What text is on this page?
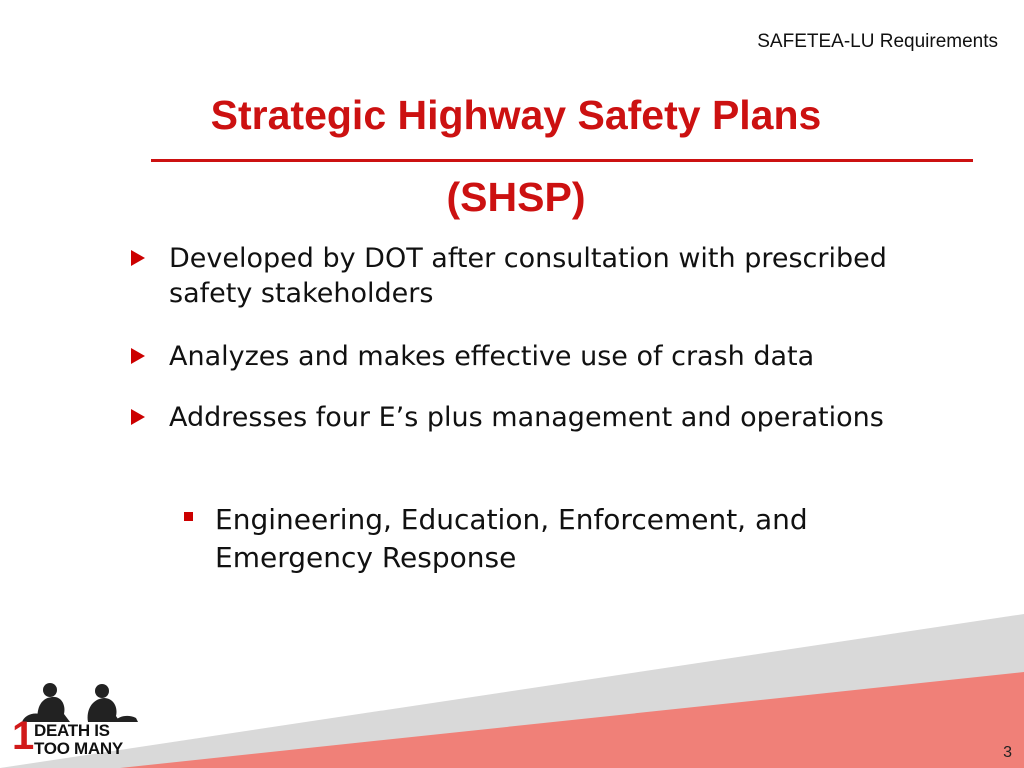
SAFETEA-LU Requirements
Strategic Highway Safety Plans
(SHSP)
Developed by DOT after consultation with prescribed safety stakeholders
Analyzes and makes effective use of crash data
Addresses four E’s plus management and operations
Engineering, Education, Enforcement, and Emergency Response
1 DEATH IS
TOO MANY	3
